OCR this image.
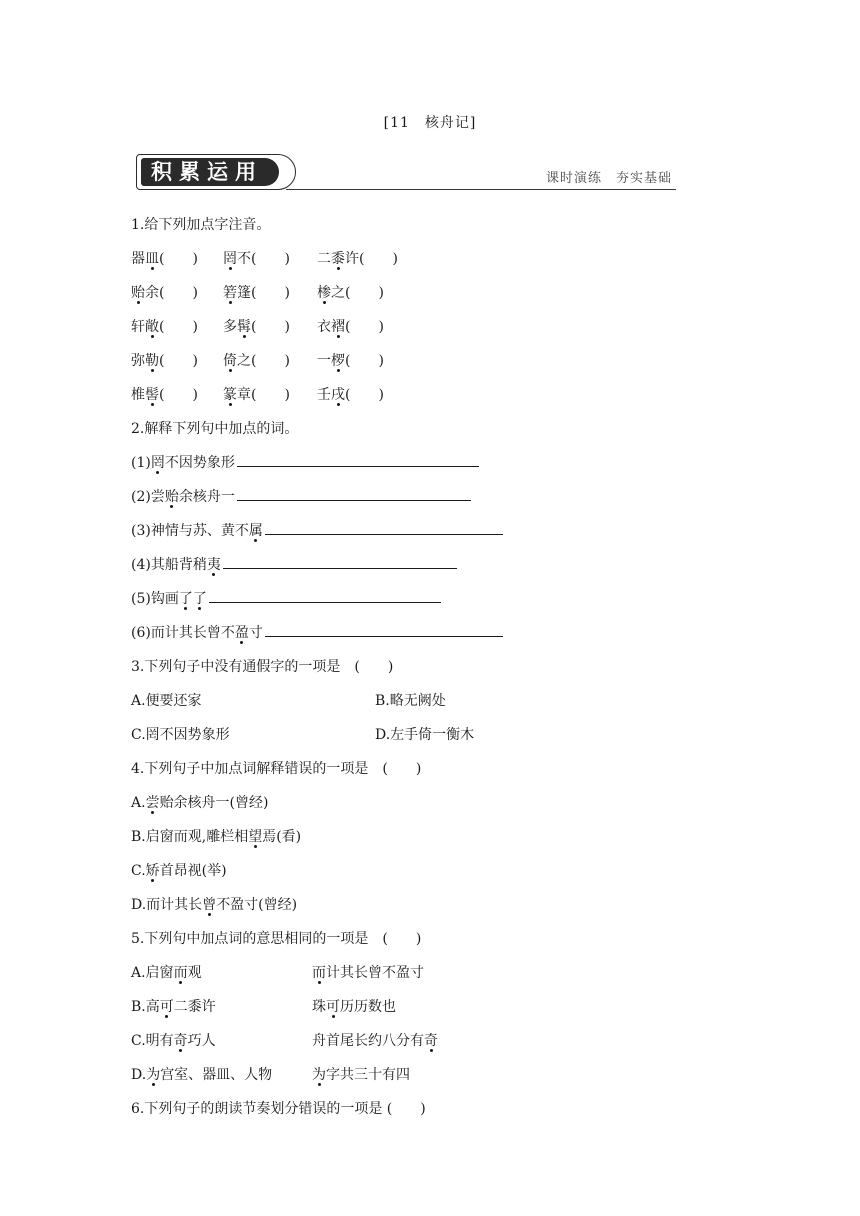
[11　核舟记]
积累运用	课时演练 夯实基础
1.给下列加点字注音。
器皿(　　) 罔不(　　) 二黍许(　　)
贻余(　　) 箬篷(　　) 椮之(　　)
轩敞(　　) 多髯(　　) 衣褶(　　)
弥勒(　　) 倚之(　　) 一椤(　　)
椎髻(　　) 篆章(　　) 壬戌(　　)
2.解释下列句中加点的词。
(1)罔不因势象形
(2)尝贻余核舟一
(3)神情与苏、黄不属
(4)其船背稍夷
(5)钩画了了
(6)而计其长曾不盈寸
3.下列句子中没有通假字的一项是　(　　)
A.便要还家	B.略无阙处
C.罔不因势象形	D.左手倚一衡木
4.下列句子中加点词解释错误的一项是　(　　)
A.尝贻余核舟一(曾经)
B.启窗而观,雕栏相望焉(看)
C.矫首昂视(举)
D.而计其长曾不盈寸(曾经)
5.下列句中加点词的意思相同的一项是　(　　)
A.启窗而观	而计其长曾不盈寸
B.高可二黍许	珠可历历数也
C.明有奇巧人	舟首尾长约八分有奇
D.为宫室、器皿、人物	为字共三十有四
6.下列句子的朗读节奏划分错误的一项是 (　　)
